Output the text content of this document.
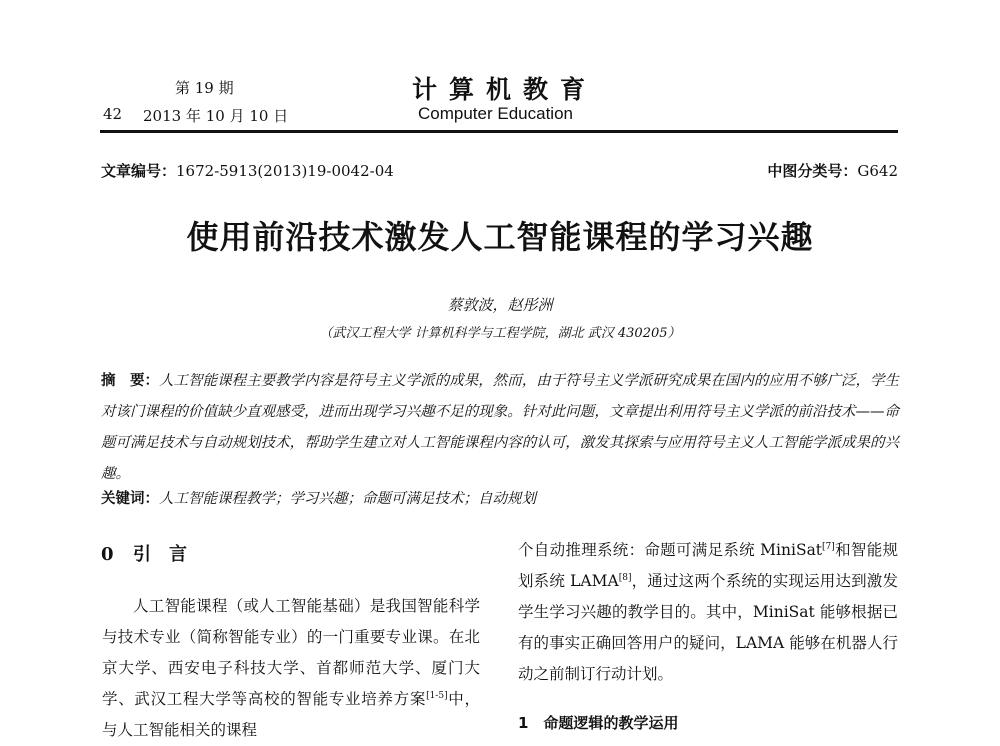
第 19 期
42 2013 年 10 月 10 日
计算机教育
Computer Education
文章编号：1672-5913(2013)19-0042-04	中图分类号：G642
使用前沿技术激发人工智能课程的学习兴趣
蔡敦波，赵彤洲
（武汉工程大学 计算机科学与工程学院，湖北 武汉 430205）
摘　要：人工智能课程主要教学内容是符号主义学派的成果，然而，由于符号主义学派研究成果在国内的应用不够广泛，学生对该门课程的价值缺少直观感受，进而出现学习兴趣不足的现象。针对此问题，文章提出利用符号主义学派的前沿技术——命题可满足技术与自动规划技术，帮助学生建立对人工智能课程内容的认可，激发其探索与应用符号主义人工智能学派成果的兴趣。
关键词：人工智能课程教学；学习兴趣；命题可满足技术；自动规划
0 引　言
人工智能课程（或人工智能基础）是我国智能科学与技术专业（简称智能专业）的一门重要专业课。在北京大学、西安电子科技大学、首都师范大学、厦门大学、武汉工程大学等高校的智能专业培养方案[1-5]中，与人工智能相关的课程
个自动推理系统：命题可满足系统 MiniSat[7]和智能规划系统 LAMA[8]，通过这两个系统的实现运用达到激发学生学习兴趣的教学目的。其中，MiniSat 能够根据已有的事实正确回答用户的疑问，LAMA 能够在机器人行动之前制订行动计划。
1　命题逻辑的教学运用
